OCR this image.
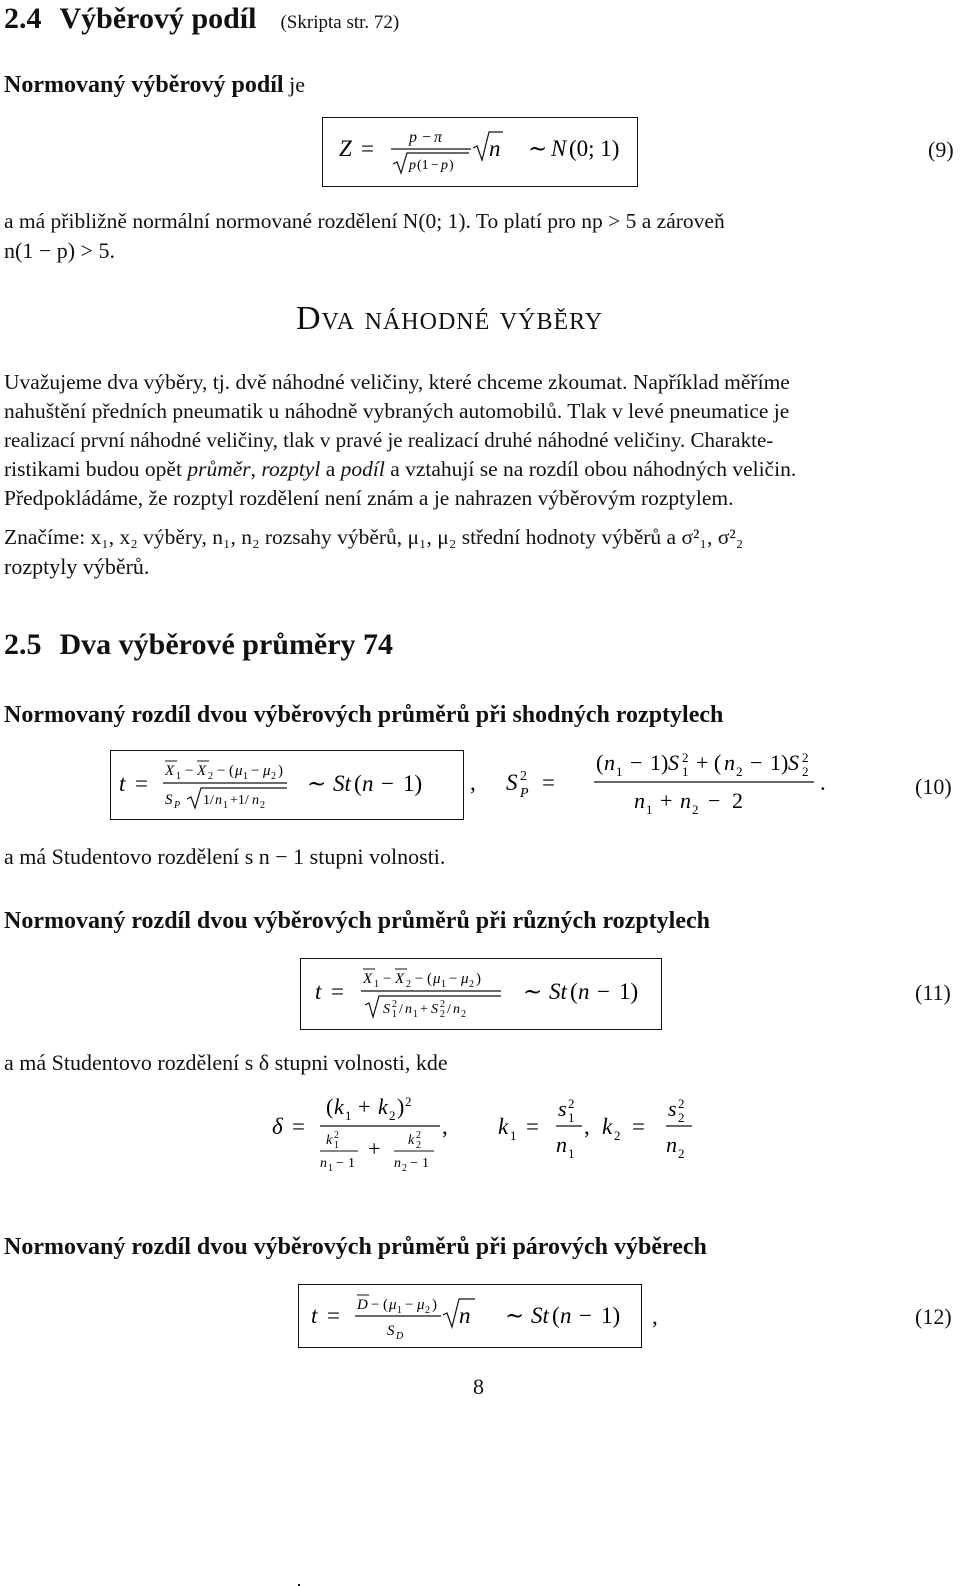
2.4 Výběrový podíl (Skripta str. 72)
Normovaný výběrový podíl je
Z = p − π
p (1 − p )
n ∼ N (0; 1)	(9)
a má přibližně normální normované rozdělení N(0; 1). To platí pro np > 5 a zároveň
n(1 − p) > 5.
Dva náhodné výběry
Uvažujeme dva výběry, tj. dvě náhodné veličiny, které chceme zkoumat. Například měříme
nahuštění předních pneumatik u náhodně vybraných automobilů. Tlak v levé pneumatice je
realizací první náhodné veličiny, tlak v pravé je realizací druhé náhodné veličiny. Charakte-
ristikami budou opět průměr, rozptyl a podíl a vztahují se na rozdíl obou náhodných veličin.
Předpokládáme, že rozptyl rozdělení není znám a je nahrazen výběrovým rozptylem.
Značíme: x₁, x₂ výběry, n₁, n₂ rozsahy výběrů, μ₁, μ₂ střední hodnoty výběrů a σ²₁, σ²₂
rozptyly výběrů.
2.5 Dva výběrové průměry 74
Normovaný rozdíl dvou výběrových průměrů při shodných rozptylech
t = X 1 − X 2 − ( μ 1 − μ 2 )
S P 1/ n 1 +1/ n 2
∼ St ( n − 1) , S 2
P =
( n 1 − 1) S 2
1 + ( n 2 − 1) S 2
2
n 1 + n 2 − 2
.	(10)
a má Studentovo rozdělení s n − 1 stupni volnosti.
Normovaný rozdíl dvou výběrových průměrů při různých rozptylech
t = X 1 − X 2 − ( μ 1 − μ 2 )
S 2
1 / n 1 + S 2
2 / n 2
∼ St ( n − 1)	(11)
a má Studentovo rozdělení s δ stupni volnosti, kde
δ =
( k 1 + k 2 ) 2
k 2
1
n 1 − 1
+ k 2
2
n 2 − 1
, k 1 =
s 2
1
n 1
, k 2 =
s 2
2
n 2
Normovaný rozdíl dvou výběrových průměrů při párových výběrech
t = D − ( μ 1 − μ 2 )
S D
n ∼ St ( n − 1) ,	(12)
8
